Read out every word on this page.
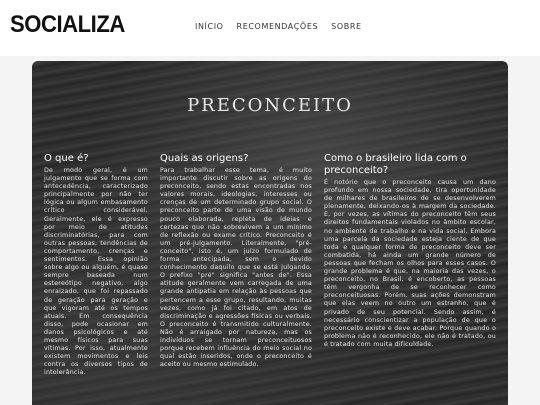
SOCIALIZA	INÍCIO RECOMENDAÇÕES SOBRE
PRECONCEITO
O que é?

De modo geral, é um julgamento que se forma com antecedência, caracterizado principalmente por não ter lógica ou algum embasamento crítico considerável. Geralmente, ele é expresso por meio de atitudes discriminatórias, para com outras pessoas, tendências de comportamento, crenças e sentimentos. Essa opinião sobre algo ou alguém, é quase sempre baseada num estereótipo negativo, algo enraizado, que foi repassado de geração para geração e que vigoram até os tempos atuais. Em consequência disso, pode ocasionar em danos psicológicos e até mesmo físicos para suas vítimas. Por isso, atualmente existem movimentos e leis contra os diversos tipos de intolerância.

Quais as origens?

Para trabalhar esse tema, é muito importante discutir sobre as origens do preconceito, sendo estas encontradas nos valores morais, ideologias, interesses ou crenças de um determinado grupo social. O preconceito parte de uma visão de mundo pouco elaborada, repleta de ideias e certezas que não sobrevivem a um mínimo de reflexão ou exame crítico. Preconceito é um pré-julgamento. Literalmente, "pré-conceito", isto é, um juízo formulado de forma antecipada, sem o devido conhecimento daquilo que se está julgando. O prefixo "pré" significa "antes de". Essa atitude geralmente vem carregada de uma grande antipatia em relação às pessoas que pertencem a esse grupo, resultando, muitas vezes, como já foi citado, em atos de discriminação e agressões físicas ou verbais. O preconceito é transmitido culturalmente. Não é arraigado por natureza, mas os indivíduos se tornam preconceituosos porque recebem influência do meio social no qual estão inseridos, onde o preconceito é aceito ou mesmo estimulado.

Como o brasileiro lida com o preconceito?

É notório que o preconceito causa um dano profundo em nossa sociedade, tira oportunidade de milhares de brasileiros de se desenvolverem plenamente, deixando-os à margem da sociedade. E, por vezes, as vítimas do preconceito têm seus direitos fundamentais violados no âmbito escolar, no ambiente de trabalho e na vida social. Embora uma parcela da sociedade esteja ciente de que toda e qualquer forma de preconceito deve ser combatida, há ainda um grande número de pessoas que fecham os olhos para esses casos. O grande problema é que, na maioria das vezes, o preconceito, no Brasil, é encoberto, as pessoas têm vergonha de se reconhecer como preconceituosas. Porém, suas ações demonstram que elas veem no outro um estranho, que é privado de seu potencial. Sendo assim, é necessário conscientizar a população de que o preconceito existe e deve acabar. Porque quando o problema não é reconhecido, ele não é tratado, ou é tratado com muita dificuldade.
